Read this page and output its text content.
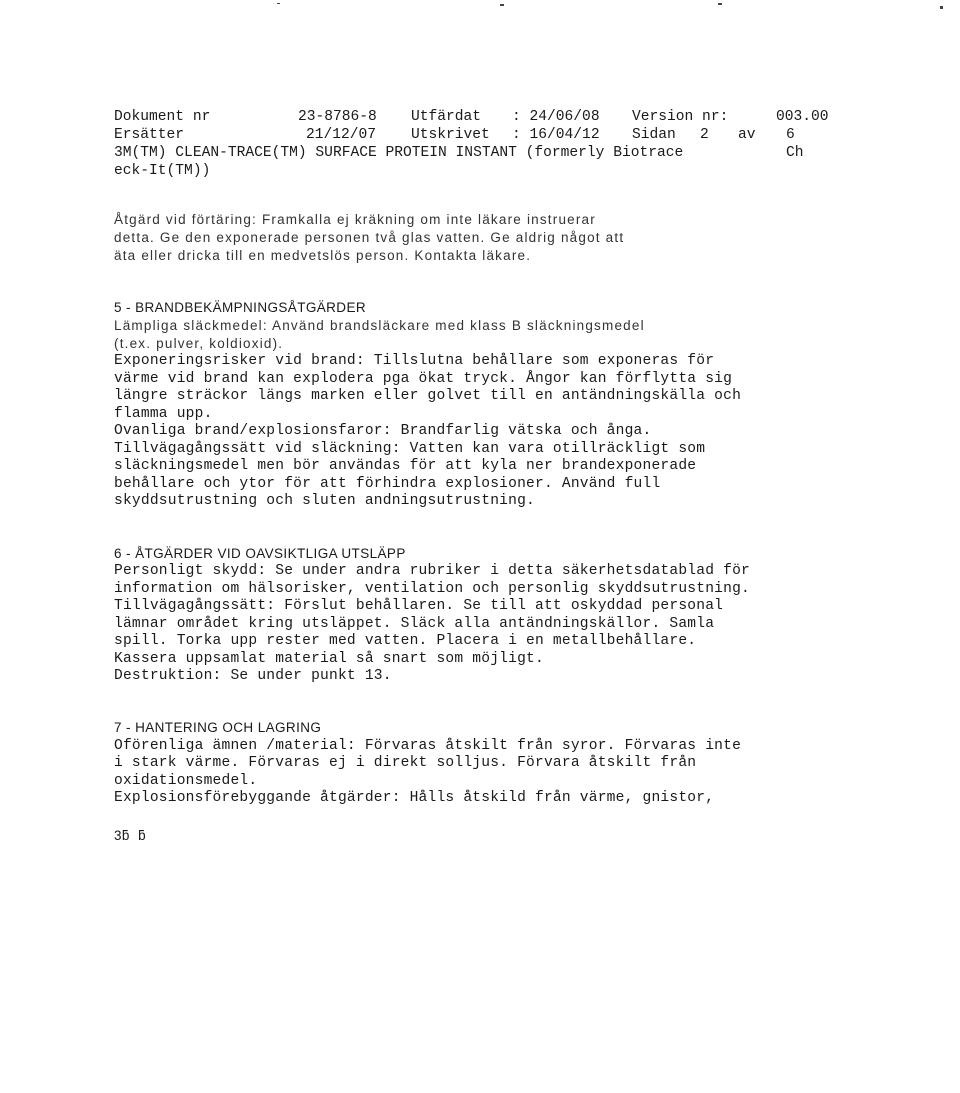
Dokument nr	23-8786-8 Utfärdat : 24/06/08 Version nr:	003.00
Ersätter	21/12/07 Utskrivet : 16/04/12 Sidan 2 av 6
3M(TM) CLEAN-TRACE(TM) SURFACE PROTEIN INSTANT (formerly Biotrace	Ch
eck-It(TM))
Åtgärd vid förtäring: Framkalla ej kräkning om inte läkare instruerar
detta. Ge den exponerade personen två glas vatten. Ge aldrig något att
äta eller dricka till en medvetslös person. Kontakta läkare.
5 - BRANDBEKÄMPNINGSÅTGÄRDER
Lämpliga släckmedel: Använd brandsläckare med klass B släckningsmedel
(t.ex. pulver, koldioxid).
Exponeringsrisker vid brand: Tillslutna behållare som exponeras för
värme vid brand kan explodera pga ökat tryck. Ångor kan förflytta sig
längre sträckor längs marken eller golvet till en antändningskälla och
flamma upp.
Ovanliga brand/explosionsfaror: Brandfarlig vätska och ånga.
Tillvägagångssätt vid släckning: Vatten kan vara otillräckligt som
släckningsmedel men bör användas för att kyla ner brandexponerade
behållare och ytor för att förhindra explosioner. Använd full
skyddsutrustning och sluten andningsutrustning.
6 - ÅTGÄRDER VID OAVSIKTLIGA UTSLÄPP
Personligt skydd: Se under andra rubriker i detta säkerhetsdatablad för
information om hälsorisker, ventilation och personlig skyddsutrustning.
Tillvägagångssätt: Förslut behållaren. Se till att oskyddad personal
lämnar området kring utsläppet. Släck alla antändningskällor. Samla
spill. Torka upp rester med vatten. Placera i en metallbehållare.
Kassera uppsamlat material så snart som möjligt.
Destruktion: Se under punkt 13.
7 - HANTERING OCH LAGRING
Oförenliga ämnen /material: Förvaras åtskilt från syror. Förvaras inte
i stark värme. Förvaras ej i direkt solljus. Förvara åtskilt från
oxidationsmedel.
Explosionsförebyggande åtgärder: Hålls åtskild från värme, gnistor,
3ƃ  ƃ
